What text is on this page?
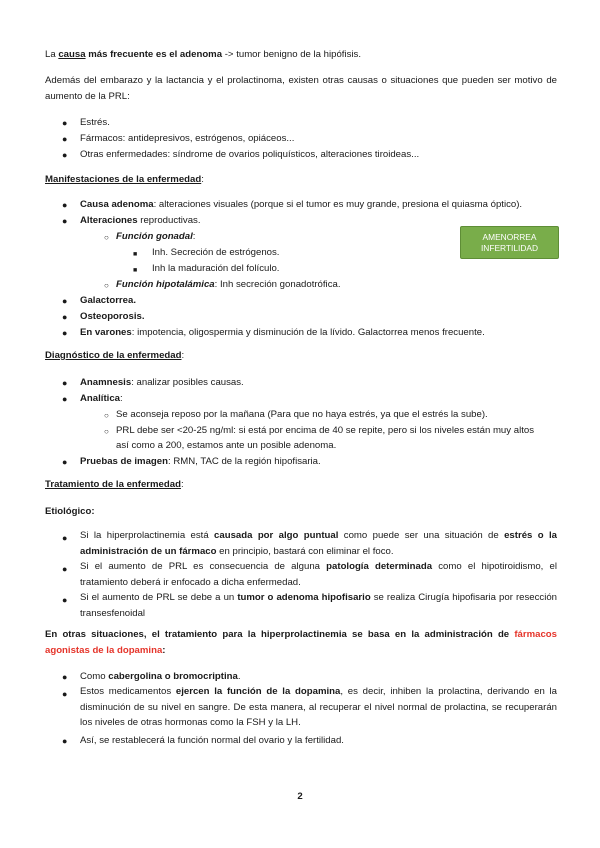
La causa más frecuente es el adenoma -> tumor benigno de la hipófisis.

Además del embarazo y la lactancia y el prolactinoma, existen otras causas o situaciones que pueden ser motivo de aumento de la PRL:

● Estrés.
● Fármacos: antidepresivos, estrógenos, opiáceos...
● Otras enfermedades: síndrome de ovarios poliquísticos, alteraciones tiroideas...

Manifestaciones de la enfermedad:

● Causa adenoma: alteraciones visuales (porque si el tumor es muy grande, presiona el quiasma óptico).
● Alteraciones reproductivas.
○ Función gonadal:
■ Inh. Secreción de estrógenos.
■ Inh la maduración del folículo.
○ Función hipotalámica: Inh secreción gonadotrófica.
● Galactorrea.
● Osteoporosis.
● En varones: impotencia, oligospermia y disminución de la lívido. Galactorrea menos frecuente.
AMENORREA
INFERTILIDAD

Diagnóstico de la enfermedad:

● Anamnesis: analizar posibles causas.
● Analítica:
○ Se aconseja reposo por la mañana (Para que no haya estrés, ya que el estrés la sube).
○ PRL debe ser <20-25 ng/ml: si está por encima de 40 se repite, pero si los niveles están muy altos
así como a 200, estamos ante un posible adenoma.
● Pruebas de imagen: RMN, TAC de la región hipofisaria.

Tratamiento de la enfermedad:

Etiológico:

● Si la hiperprolactinemia está causada por algo puntual como puede ser una situación de estrés o la administración de un fármaco en principio, bastará con eliminar el foco.

● Si el aumento de PRL es consecuencia de alguna patología determinada como el hipotiroidismo, el tratamiento deberá ir enfocado a dicha enfermedad.

● Si el aumento de PRL se debe a un tumor o adenoma hipofisario se realiza Cirugía hipofisaria por resección transesfenoidal

En otras situaciones, el tratamiento para la hiperprolactinemia se basa en la administración de fármacos agonistas de la dopamina:

● Como cabergolina o bromocriptina.
● Estos medicamentos ejercen la función de la dopamina, es decir, inhiben la prolactina, derivando en la disminución de su nivel en sangre. De esta manera, al recuperar el nivel normal de prolactina, se recuperarán los niveles de otras hormonas como la FSH y la LH.

● Así, se restablecerá la función normal del ovario y la fertilidad.
2
